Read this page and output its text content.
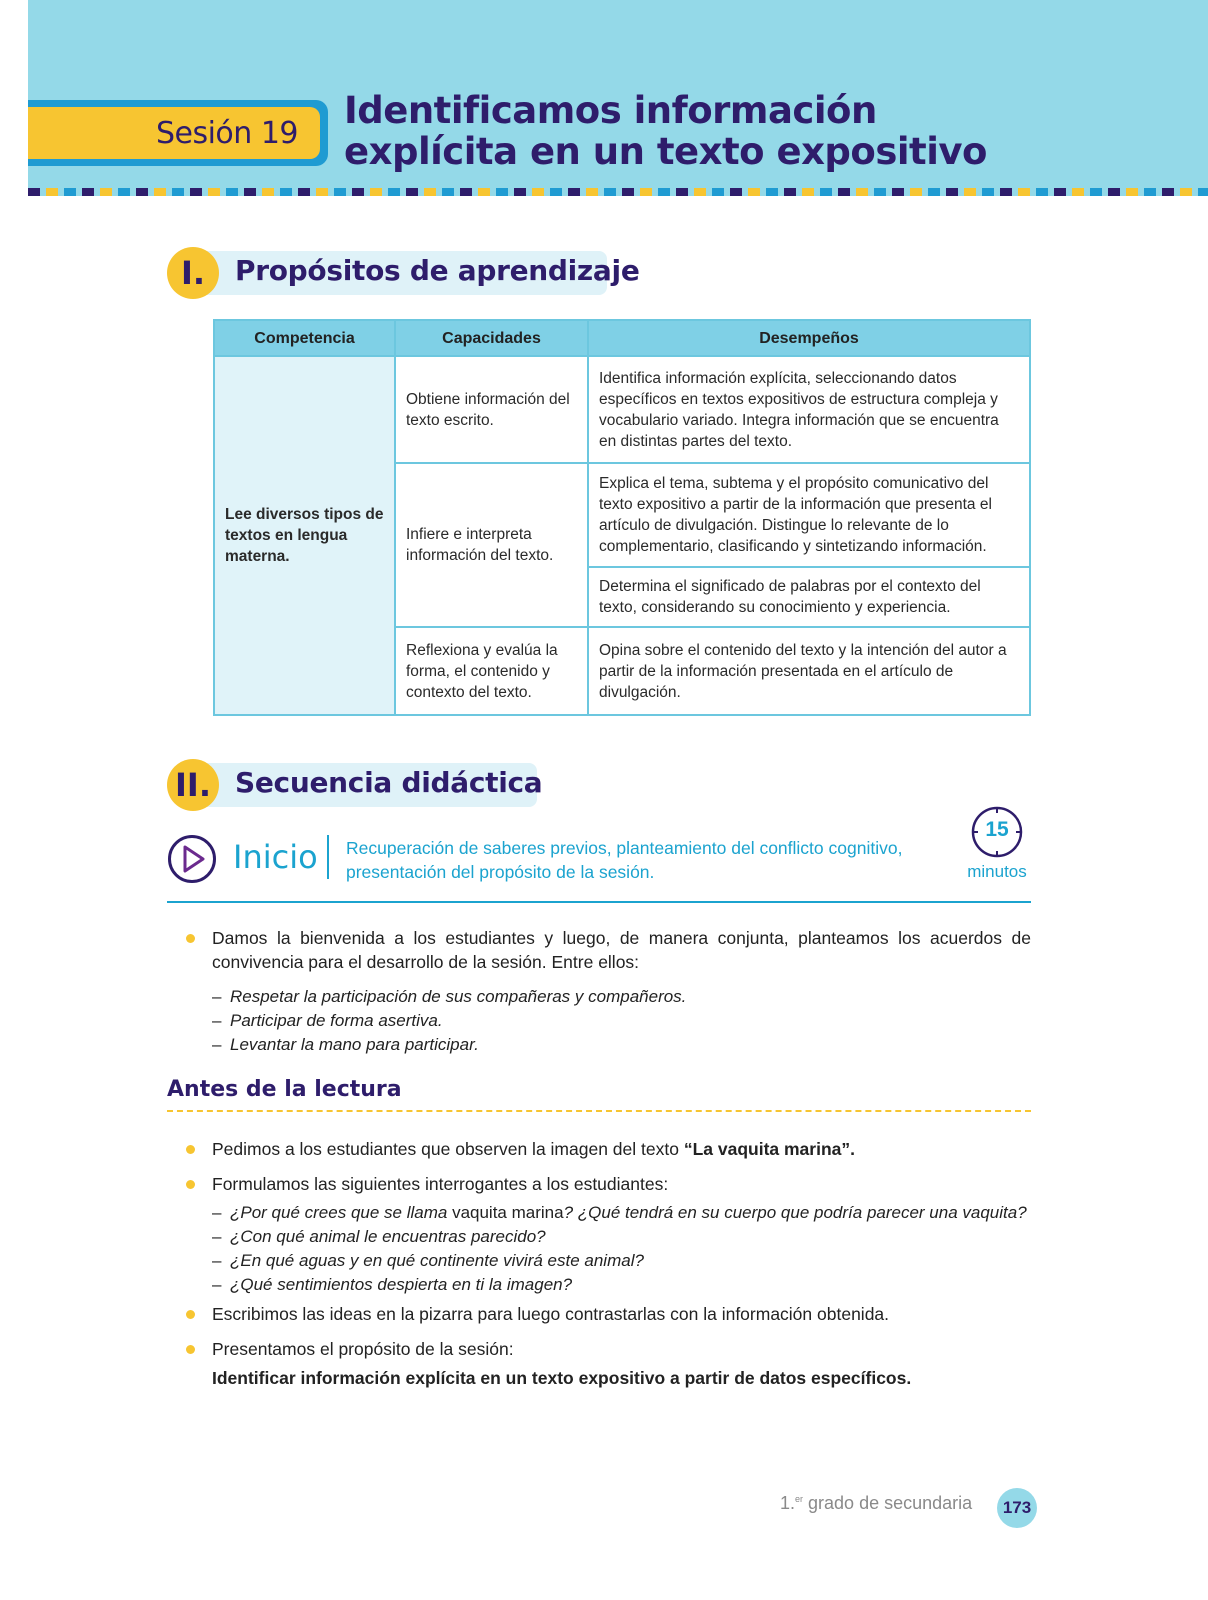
Sesión 19
Identificamos información
explícita en un texto expositivo
I.	Propósitos de aprendizaje
Competencia	Capacidades	Desempeños
Lee diversos tipos de textos en lengua materna.	Obtiene información del texto escrito.	Identifica información explícita, seleccionando datos específicos en textos expositivos de estructura compleja y vocabulario variado. Integra información que se encuentra en distintas partes del texto.
	Infiere e interpreta información del texto.	Explica el tema, subtema y el propósito comunicativo del texto expositivo a partir de la información que presenta el artículo de divulgación. Distingue lo relevante de lo complementario, clasificando y sintetizando información.
		Determina el significado de palabras por el contexto del texto, considerando su conocimiento y experiencia.
	Reflexiona y evalúa la forma, el contenido y contexto del texto.	Opina sobre el contenido del texto y la intención del autor a partir de la información presentada en el artículo de divulgación.
II. Secuencia didáctica
Inicio Recuperación de saberes previos, planteamiento del conflicto cognitivo, presentación del propósito de la sesión.
15
minutos
Damos la bienvenida a los estudiantes y luego, de manera conjunta, planteamos los acuerdos de convivencia para el desarrollo de la sesión. Entre ellos:
– Respetar la participación de sus compañeras y compañeros.
– Participar de forma asertiva.
– Levantar la mano para participar.
Antes de la lectura
Pedimos a los estudiantes que observen la imagen del texto “La vaquita marina”.
Formulamos las siguientes interrogantes a los estudiantes:
– ¿Por qué crees que se llama vaquita marina? ¿Qué tendrá en su cuerpo que podría parecer una vaquita?
– ¿Con qué animal le encuentras parecido?
– ¿En qué aguas y en qué continente vivirá este animal?
– ¿Qué sentimientos despierta en ti la imagen?
Escribimos las ideas en la pizarra para luego contrastarlas con la información obtenida.
Presentamos el propósito de la sesión:
Identificar información explícita en un texto expositivo a partir de datos específicos.
1.$^{er}$ grado de secundaria	173
